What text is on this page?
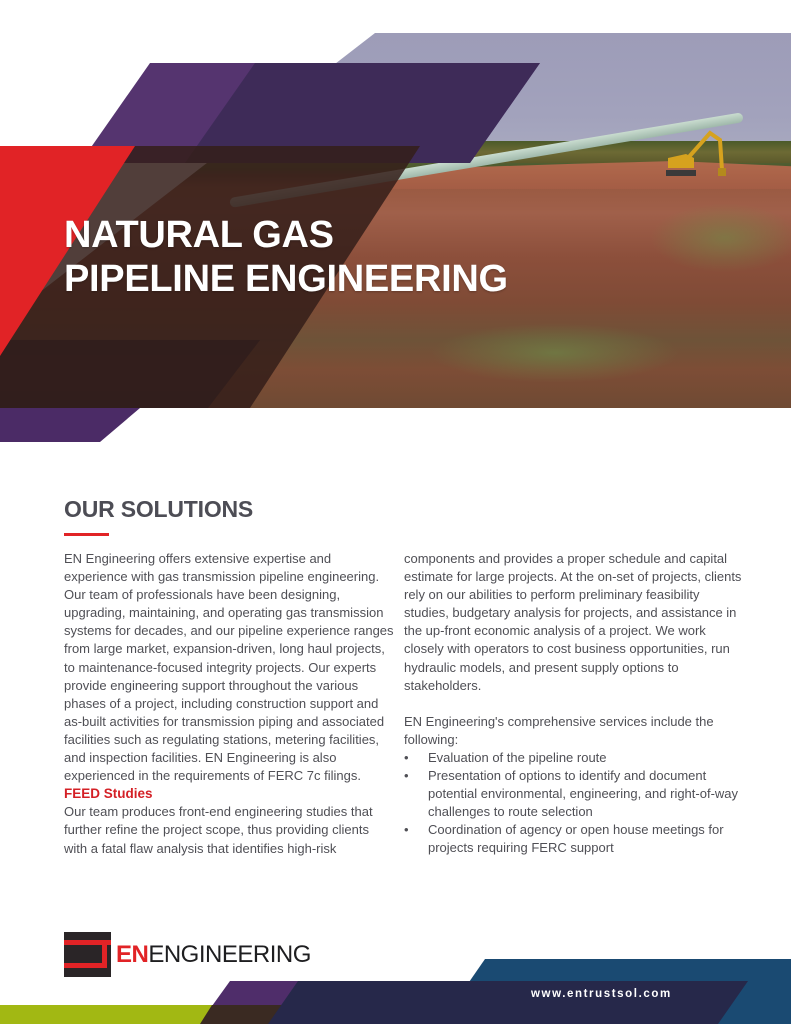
NATURAL GAS
PIPELINE ENGINEERING
OUR SOLUTIONS

EN Engineering offers extensive expertise and experience with gas transmission pipeline engineering. Our team of professionals have been designing, upgrading, maintaining, and operating gas transmission systems for decades, and our pipeline experience ranges from large market, expansion-driven, long haul projects, to maintenance-focused integrity projects. Our experts provide engineering support throughout the various phases of a project, including construction support and as-built activities for transmission piping and associated facilities such as regulating stations, metering facilities, and inspection facilities. EN Engineering is also experienced in the requirements of FERC 7c filings.

FEED Studies

Our team produces front-end engineering studies that further refine the project scope, thus providing clients with a fatal flaw analysis that identifies high-risk

components and provides a proper schedule and capital estimate for large projects. At the on-set of projects, clients rely on our abilities to perform preliminary feasibility studies, budgetary analysis for projects, and assistance in the up-front economic analysis of a project. We work closely with operators to cost business opportunities, run hydraulic models, and present supply options to stakeholders.

EN Engineering's comprehensive services include the following:

• Evaluation of the pipeline route
• Presentation of options to identify and document potential environmental, engineering, and right-of-way challenges to route selection
• Coordination of agency or open house meetings for projects requiring FERC support
ENENGINEERING
www.entrustsol.com
